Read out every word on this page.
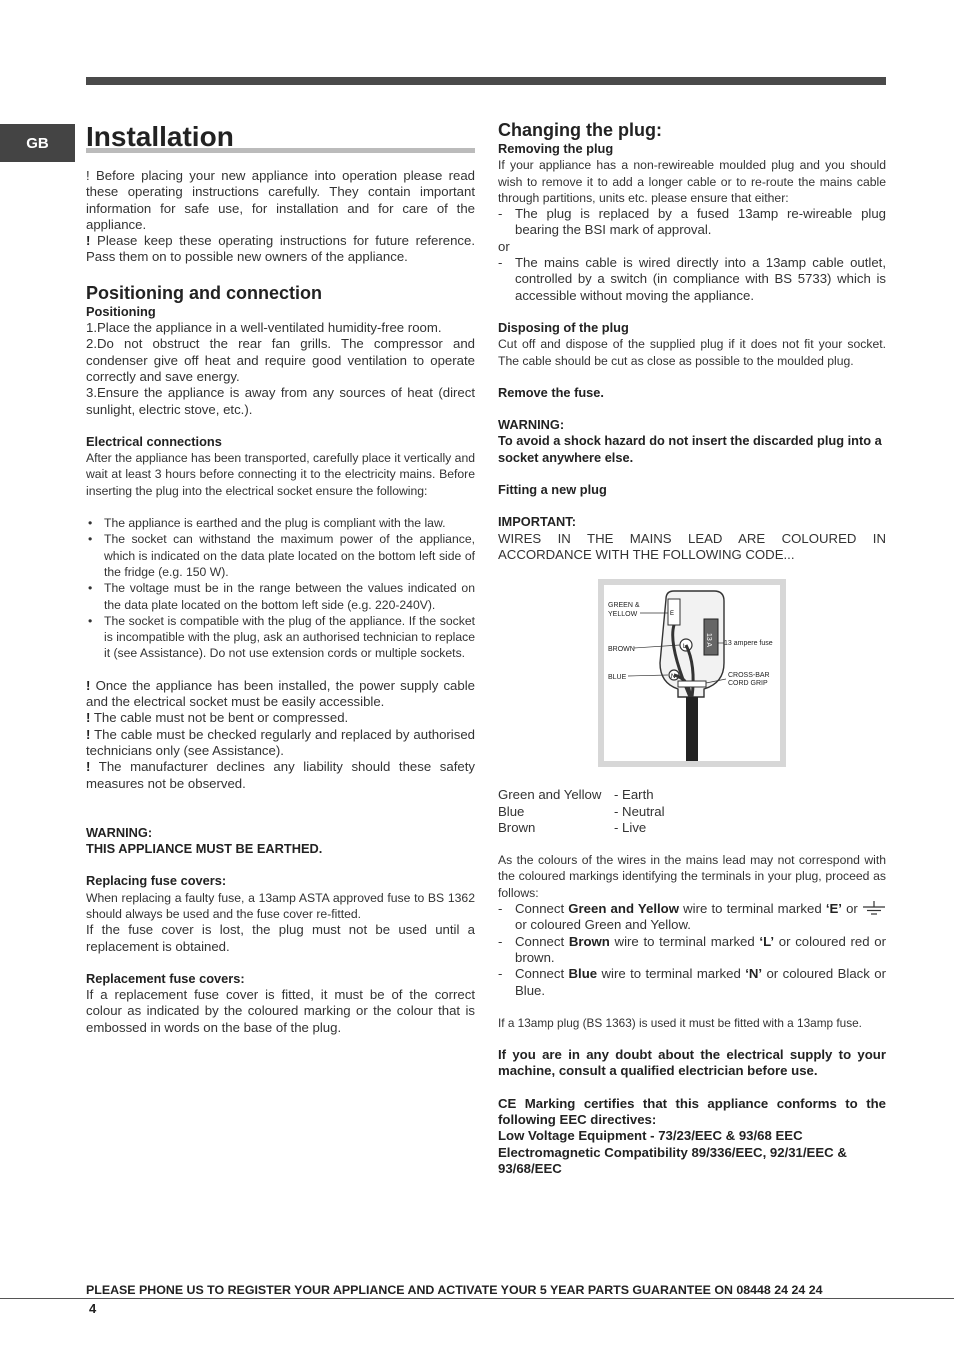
GB	Installation

! Before placing your new appliance into operation please read these operating instructions carefully. They contain important information for safe use, for installation and for care of the appliance.

! Please keep these operating instructions for future reference. Pass them on to possible new owners of the appliance.

Positioning and connection
Positioning

1.Place the appliance in a well-ventilated humidity-free room.

2.Do not obstruct the rear fan grills. The compressor and condenser give off heat and require good ventilation to operate correctly and save energy.

3.Ensure the appliance is away from any sources of heat (direct sunlight, electric stove, etc.).

Electrical connections

After the appliance has been transported, carefully place it vertically and wait at least 3 hours before connecting it to the electricity mains. Before inserting the plug into the electrical socket ensure the following:

• The appliance is earthed and the plug is compliant with the law.
• The socket can withstand the maximum power of the appliance, which is indicated on the data plate located on the bottom left side of the fridge (e.g. 150 W).
• The voltage must be in the range between the values indicated on the data plate located on the bottom left side (e.g. 220-240V).
• The socket is compatible with the plug of the appliance. If the socket is incompatible with the plug, ask an authorised technician to replace it (see Assistance). Do not use extension cords or multiple sockets.

! Once the appliance has been installed, the power supply cable and the electrical socket must be easily accessible.

! The cable must not be bent or compressed.

! The cable must be checked regularly and replaced by authorised technicians only (see Assistance).

! The manufacturer declines any liability should these safety measures not be observed.

WARNING:
THIS APPLIANCE MUST BE EARTHED.
Replacing fuse covers:

When replacing a faulty fuse, a 13amp ASTA approved fuse to BS 1362 should always be used and the fuse cover re-fitted.

If the fuse cover is lost, the plug must not be used until a replacement is obtained.

Replacement fuse covers:

If a replacement fuse cover is fitted, it must be of the correct colour as indicated by the coloured marking or the colour that is embossed in words on the base of the plug.

Changing the plug:
Removing the plug

If your appliance has a non-rewireable moulded plug and you should wish to remove it to add a longer cable or to re-route the mains cable through partitions, units etc. please ensure that either:

- The plug is replaced by a fused 13amp re-wireable plug bearing the BSI mark of approval.
or
- The mains cable is wired directly into a 13amp cable outlet, controlled by a switch (in compliance with BS 5733) which is accessible without moving the appliance.
Disposing of the plug

Cut off and dispose of the supplied plug if it does not fit your socket. The cable should be cut as close as possible to the moulded plug.

Remove the fuse.
WARNING:
To avoid a shock hazard do not insert the discarded plug into a socket anywhere else.
Fitting a new plug
IMPORTANT:

WIRES IN THE MAINS LEAD ARE COLOURED IN ACCORDANCE WITH THE FOLLOWING CODE...

E
13 A
L
N
GREEN &
YELLOW
BROWN
BLUE
13 ampere fuse
CROSS-BAR
CORD GRIP
Green and Yellow - Earth
Blue	- Neutral
Brown	- Live

As the colours of the wires in the mains lead may not correspond with the coloured markings identifying the terminals in your plug, proceed as follows:

- Connect Green and Yellow wire to terminal marked ‘E’ or  or coloured Green and Yellow.
- Connect Brown wire to terminal marked ‘L’ or coloured red or brown.
- Connect Blue wire to terminal marked ‘N’ or coloured Black or Blue.

If a 13amp plug (BS 1363) is used it must be fitted with a 13amp fuse.

If you are in any doubt about the electrical supply to your machine, consult a qualified electrician before use.

CE Marking certifies that this appliance conforms to the following EEC directives:

Low Voltage Equipment - 73/23/EEC & 93/68 EEC

Electromagnetic Compatibility 89/336/EEC, 92/31/EEC & 93/68/EEC

PLEASE PHONE US TO REGISTER YOUR APPLIANCE AND ACTIVATE YOUR 5 YEAR PARTS GUARANTEE ON 08448 24 24 24
4
